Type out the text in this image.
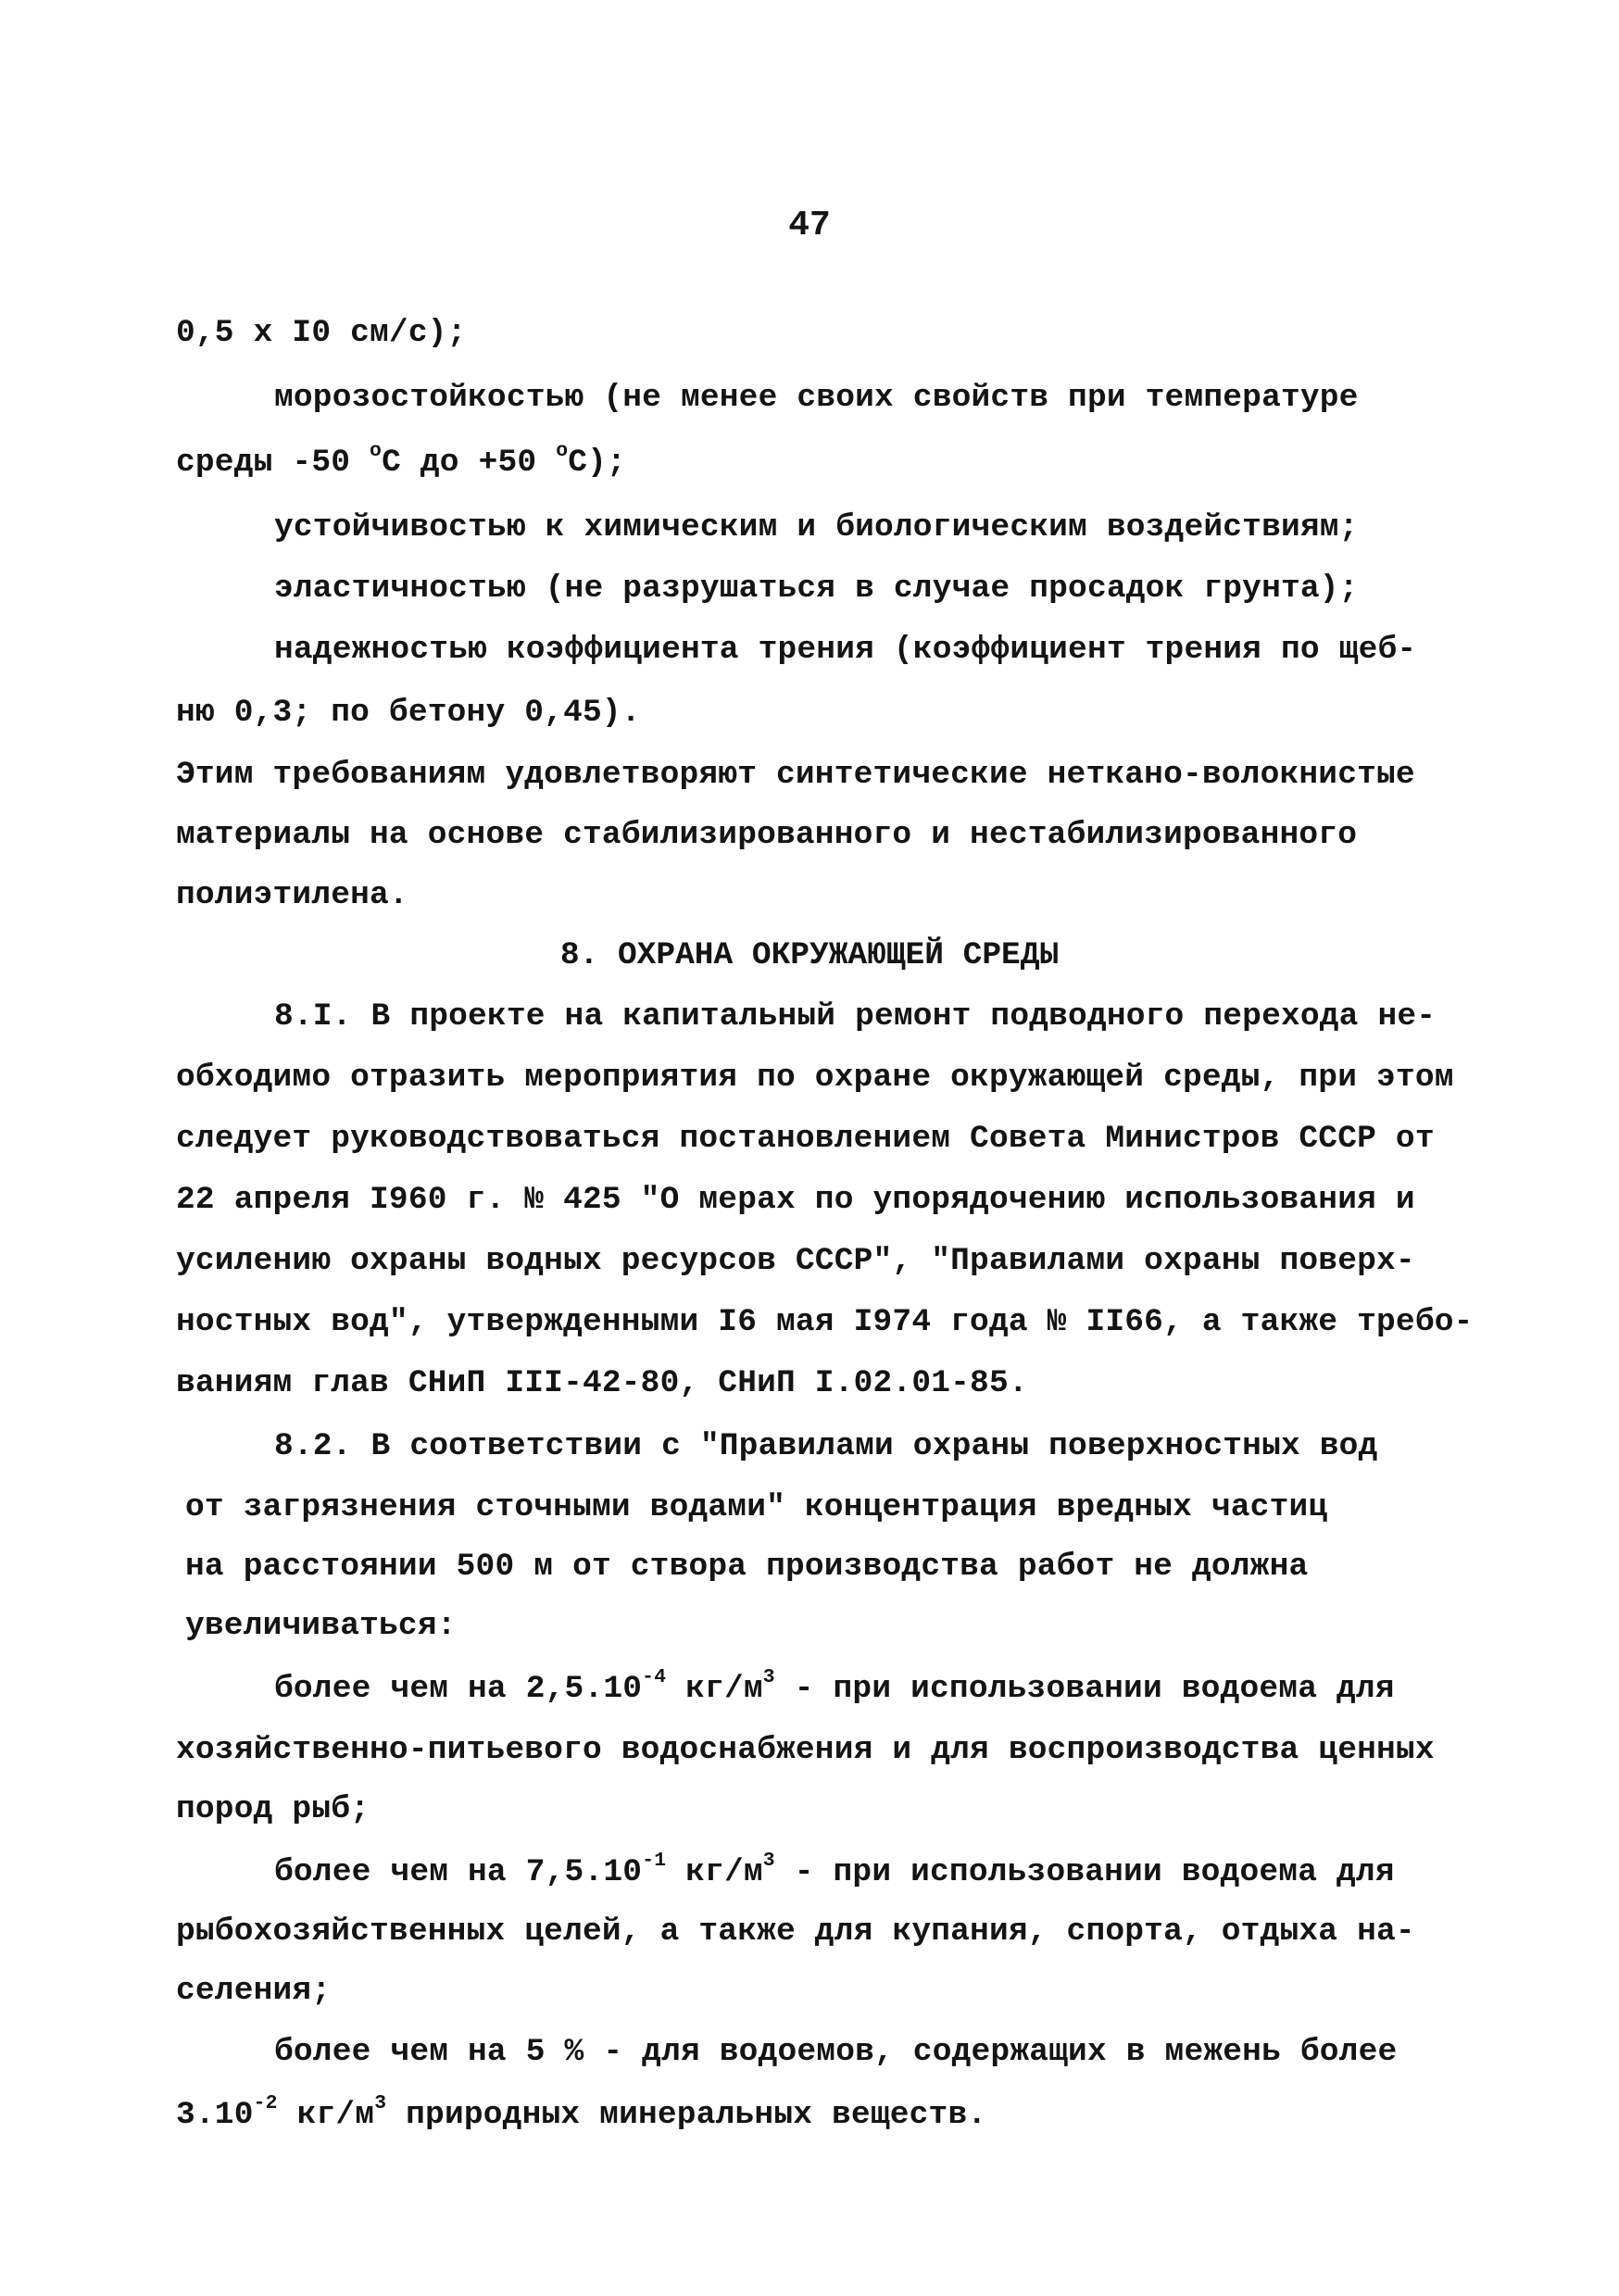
47
0,5 х I0 см/с);
морозостойкостью (не менее своих свойств при температуре
среды -50 $^о$С до +50 $^о$С);
устойчивостью к химическим и биологическим воздействиям;
эластичностью (не разрушаться в случае просадок грунта);
надежностью коэффициента трения (коэффициент трения по щеб-
ню 0,3; по бетону 0,45).
Этим требованиям удовлетворяют синтетические неткано-волокнистые
материалы на основе стабилизированного и нестабилизированного
полиэтилена.
8. ОХРАНА ОКРУЖАЮЩЕЙ СРЕДЫ
8.I. В проекте на капитальный ремонт подводного перехода не-
обходимо отразить мероприятия по охране окружающей среды, при этом
следует руководствоваться постановлением Совета Министров СССР от
22 апреля I960 г. № 425 "О мерах по упорядочению использования и
усилению охраны водных ресурсов СССР", "Правилами охраны поверх-
ностных вод", утвержденными I6 мая I974 года № II66, а также требо-
ваниям глав СНиП III-42-80, СНиП I.02.01-85.
8.2. В соответствии с "Правилами охраны поверхностных вод
от загрязнения сточными водами" концентрация вредных частиц
на расстоянии 500 м от створа производства работ не должна
увеличиваться:
более чем на $2,5.10^{-4}$ $кг/м^3$ - при использовании водоема для
хозяйственно-питьевого водоснабжения и для воспроизводства ценных
пород рыб;
более чем на $7,5.10^{-1}$ $кг/м^3$ - при использовании водоема для
рыбохозяйственных целей, а также для купания, спорта, отдыха на-
селения;
более чем на 5 % - для водоемов, содержащих в межень более
$3.10^{-2}$ $кг/м^3$ природных минеральных веществ.
